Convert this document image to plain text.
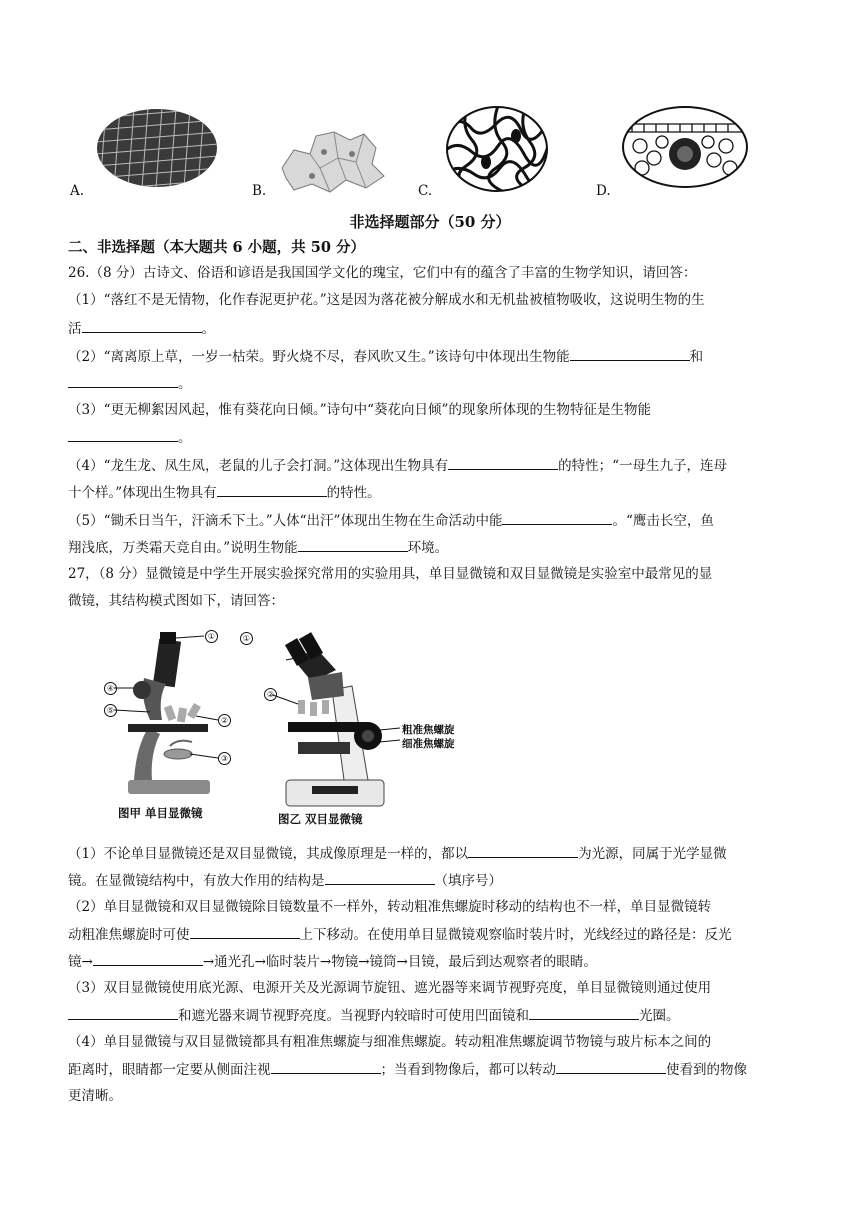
A.	B.	C.	D.
非选择题部分（50 分）
二、非选择题（本大题共 6 小题，共 50 分）
26.（8 分）古诗文、俗语和谚语是我国国学文化的瑰宝，它们中有的蕴含了丰富的生物学知识，请回答：
（1）“落红不是无情物，化作春泥更护花。”这是因为落花被分解成水和无机盐被植物吸收，这说明生物的生
活	。
（2）“离离原上草，一岁一枯荣。野火烧不尽，春风吹又生。”该诗句中体现出生物能	和
。
（3）“更无柳絮因风起，惟有葵花向日倾。”诗句中“葵花向日倾”的现象所体现的生物特征是生物能
。
（4）“龙生龙、凤生凤，老鼠的儿子会打洞。”这体现出生物具有	的特性；“一母生九子，连母
十个样。”体现出生物具有	的特性。
（5）“锄禾日当午，汗滴禾下土。”人体“出汗”体现出生物在生命活动中能	。“鹰击长空，鱼
翔浅底，万类霜天竞自由。”说明生物能	环境。
27，（8 分）显微镜是中学生开展实验探究常用的实验用具，单目显微镜和双目显微镜是实验室中最常见的显
微镜，其结构模式图如下，请回答：
①
④
⑤
②
③
图甲 单目显微镜
①
②
粗准焦螺旋
细准焦螺旋
图乙 双目显微镜
（1）不论单目显微镜还是双目显微镜，其成像原理是一样的，都以	为光源，同属于光学显微
镜。在显微镜结构中，有放大作用的结构是	（填序号）
（2）单目显微镜和双目显微镜除目镜数量不一样外，转动粗准焦螺旋时移动的结构也不一样，单目显微镜转
动粗准焦螺旋时可使	上下移动。在使用单目显微镜观察临时装片时，光线经过的路径是：反光
镜→	→通光孔→临时装片→物镜→镜筒→目镜，最后到达观察者的眼睛。
（3）双目显微镜使用底光源、电源开关及光源调节旋钮、遮光器等来调节视野亮度，单目显微镜则通过使用
和遮光器来调节视野亮度。当视野内较暗时可使用凹面镜和	光圈。
（4）单目显微镜与双目显微镜都具有粗准焦螺旋与细准焦螺旋。转动粗准焦螺旋调节物镜与玻片标本之间的
距离时，眼睛都一定要从侧面注视	；当看到物像后，都可以转动	使看到的物像
更清晰。
